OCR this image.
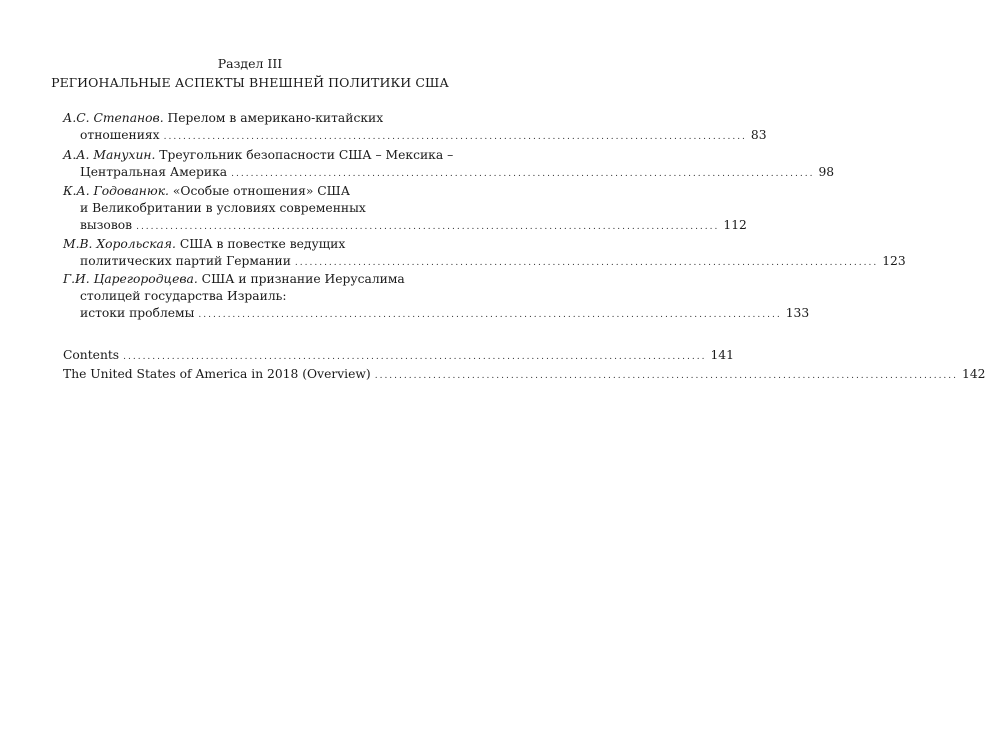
Раздел III
РЕГИОНАЛЬНЫЕ АСПЕКТЫ ВНЕШНЕЙ ПОЛИТИКИ США
А.С. Степанов. Перелом в американо-китайских
отношениях ........................................................................................................................ 83
А.А. Манухин. Треугольник безопасности США – Мексика –
Центральная Америка ........................................................................................................................ 98
К.А. Годованюк. «Особые отношения» США
и Великобритании в условиях современных
вызовов ........................................................................................................................ 112
М.В. Хорольская. США в повестке ведущих
политических партий Германии ........................................................................................................................ 123
Г.И. Царегородцева. США и признание Иерусалима
столицей государства Израиль:
истоки проблемы ........................................................................................................................ 133
Contents ........................................................................................................................ 141
The United States of America in 2018 (Overview) ........................................................................................................................ 142
